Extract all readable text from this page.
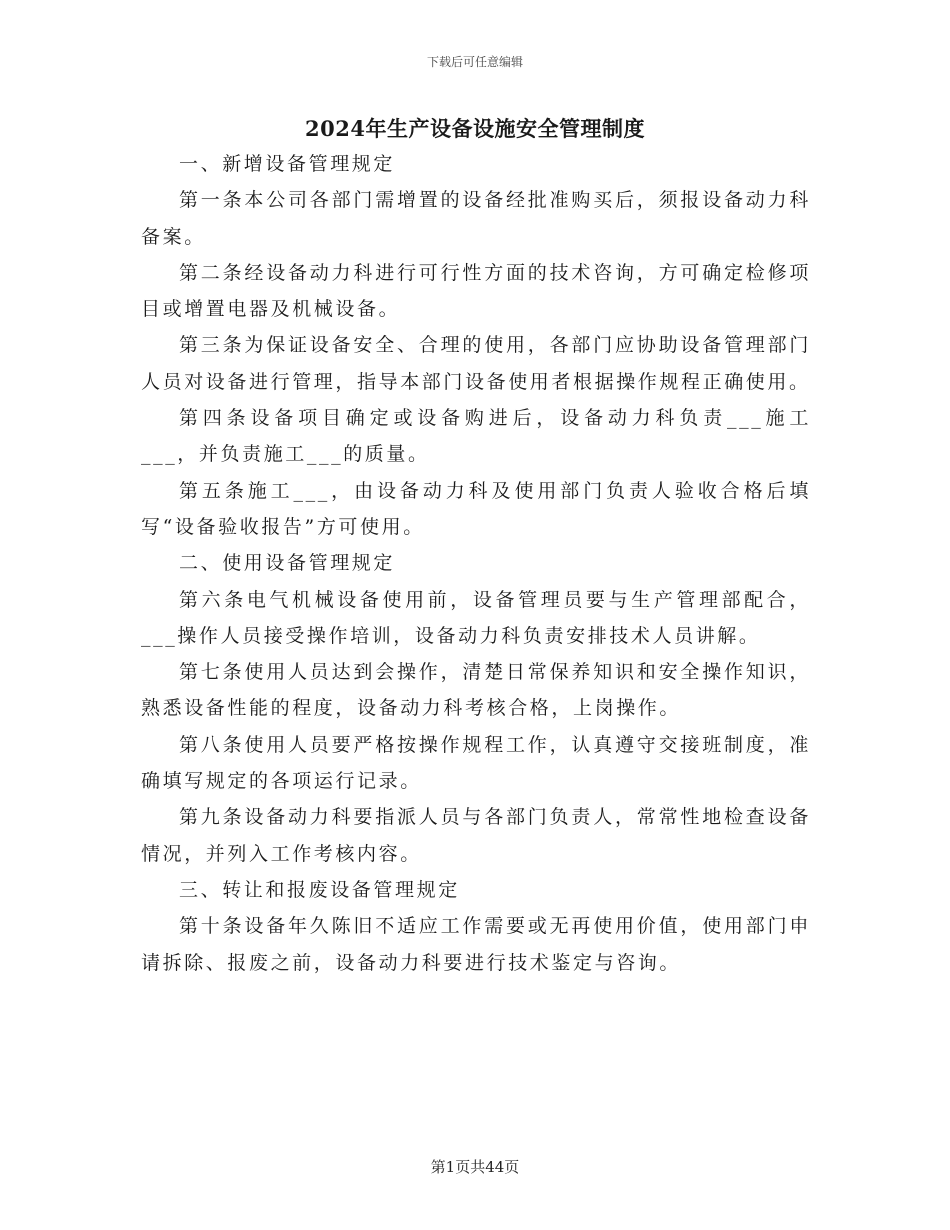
下载后可任意编辑
2024年生产设备设施安全管理制度

一、新增设备管理规定

第一条本公司各部门需增置的设备经批准购买后，须报设备动力科备案。

第二条经设备动力科进行可行性方面的技术咨询，方可确定检修项目或增置电器及机械设备。

第三条为保证设备安全、合理的使用，各部门应协助设备管理部门人员对设备进行管理，指导本部门设备使用者根据操作规程正确使用。

第四条设备项目确定或设备购进后，设备动力科负责___施工___，并负责施工___的质量。

第五条施工___，由设备动力科及使用部门负责人验收合格后填写“设备验收报告”方可使用。

二、使用设备管理规定

第六条电气机械设备使用前，设备管理员要与生产管理部配合，___操作人员接受操作培训，设备动力科负责安排技术人员讲解。

第七条使用人员达到会操作，清楚日常保养知识和安全操作知识，熟悉设备性能的程度，设备动力科考核合格，上岗操作。

第八条使用人员要严格按操作规程工作，认真遵守交接班制度，准确填写规定的各项运行记录。

第九条设备动力科要指派人员与各部门负责人，常常性地检查设备情况，并列入工作考核内容。

三、转让和报废设备管理规定

第十条设备年久陈旧不适应工作需要或无再使用价值，使用部门申请拆除、报废之前，设备动力科要进行技术鉴定与咨询。

第1页共44页
